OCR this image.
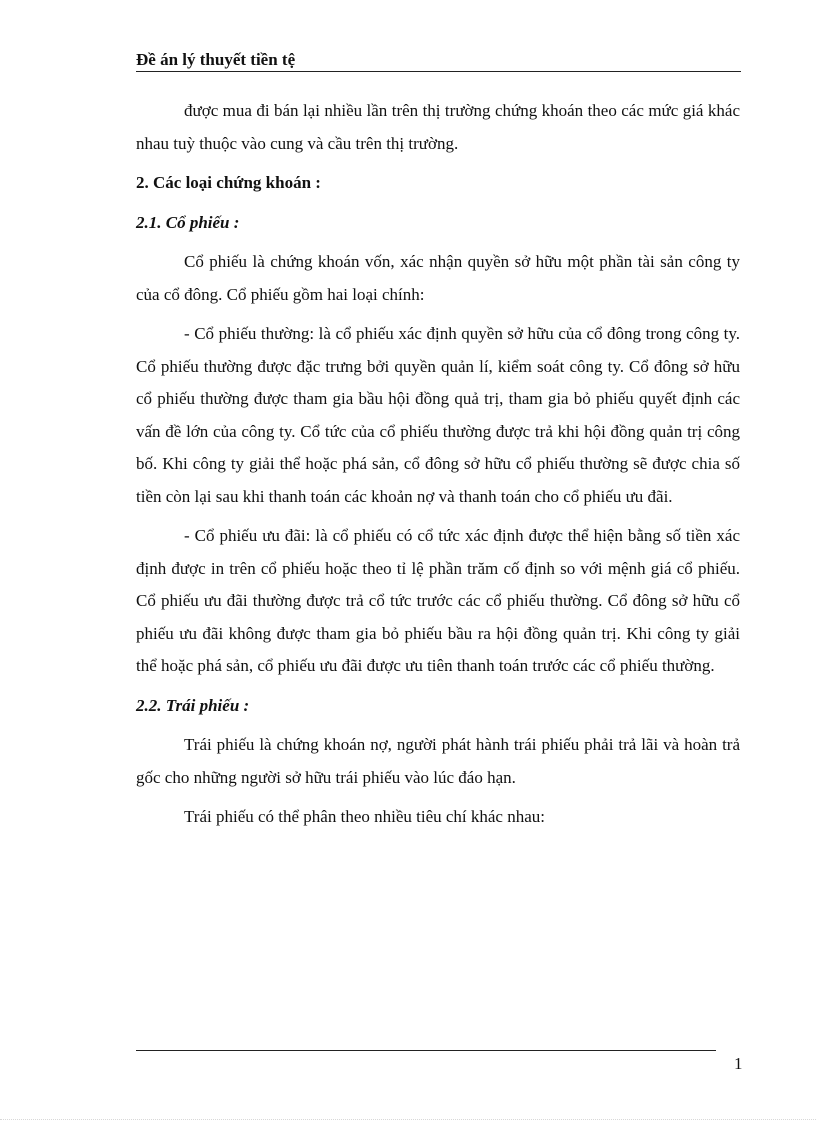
Đề án lý thuyết tiền tệ

được mua đi bán lại nhiều lần trên thị trường chứng khoán theo các mức giá khác nhau tuỳ thuộc vào cung và cầu trên thị trường.

2. Các loại chứng khoán :

2.1. Cổ phiếu :

Cổ phiếu là chứng khoán vốn, xác nhận quyền sở hữu một phần tài sản công ty của cổ đông. Cổ phiếu gồm hai loại chính:

- Cổ phiếu thường: là cổ phiếu xác định quyền sở hữu của cổ đông trong công ty. Cổ phiếu thường được đặc trưng bởi quyền quản lí, kiểm soát công ty. Cổ đông sở hữu cổ phiếu thường được tham gia bầu hội đồng quả trị, tham gia bỏ phiếu quyết định các vấn đề lớn của công ty. Cổ tức của cổ phiếu thường được trả khi hội đồng quản trị công bố. Khi công ty giải thể hoặc phá sản, cổ đông sở hữu cổ phiếu thường sẽ được chia số tiền còn lại sau khi thanh toán các khoản nợ và thanh toán cho cổ phiếu ưu đãi.

- Cổ phiếu ưu đãi: là cổ phiếu có cổ tức xác định được thể hiện bằng số tiền xác định được in trên cổ phiếu hoặc theo tỉ lệ phần trăm cố định so với mệnh giá cổ phiếu. Cổ phiếu ưu đãi thường được trả cổ tức trước các cổ phiếu thường. Cổ đông sở hữu cổ phiếu ưu đãi không được tham gia bỏ phiếu bầu ra hội đồng quản trị. Khi công ty giải thể hoặc phá sản, cổ phiếu ưu đãi được ưu tiên thanh toán trước các cổ phiếu thường.

2.2. Trái phiếu :

Trái phiếu là chứng khoán nợ, người phát hành trái phiếu phải trả lãi và hoàn trả gốc cho những người sở hữu trái phiếu vào lúc đáo hạn.

Trái phiếu có thể phân theo nhiều tiêu chí khác nhau:

1
